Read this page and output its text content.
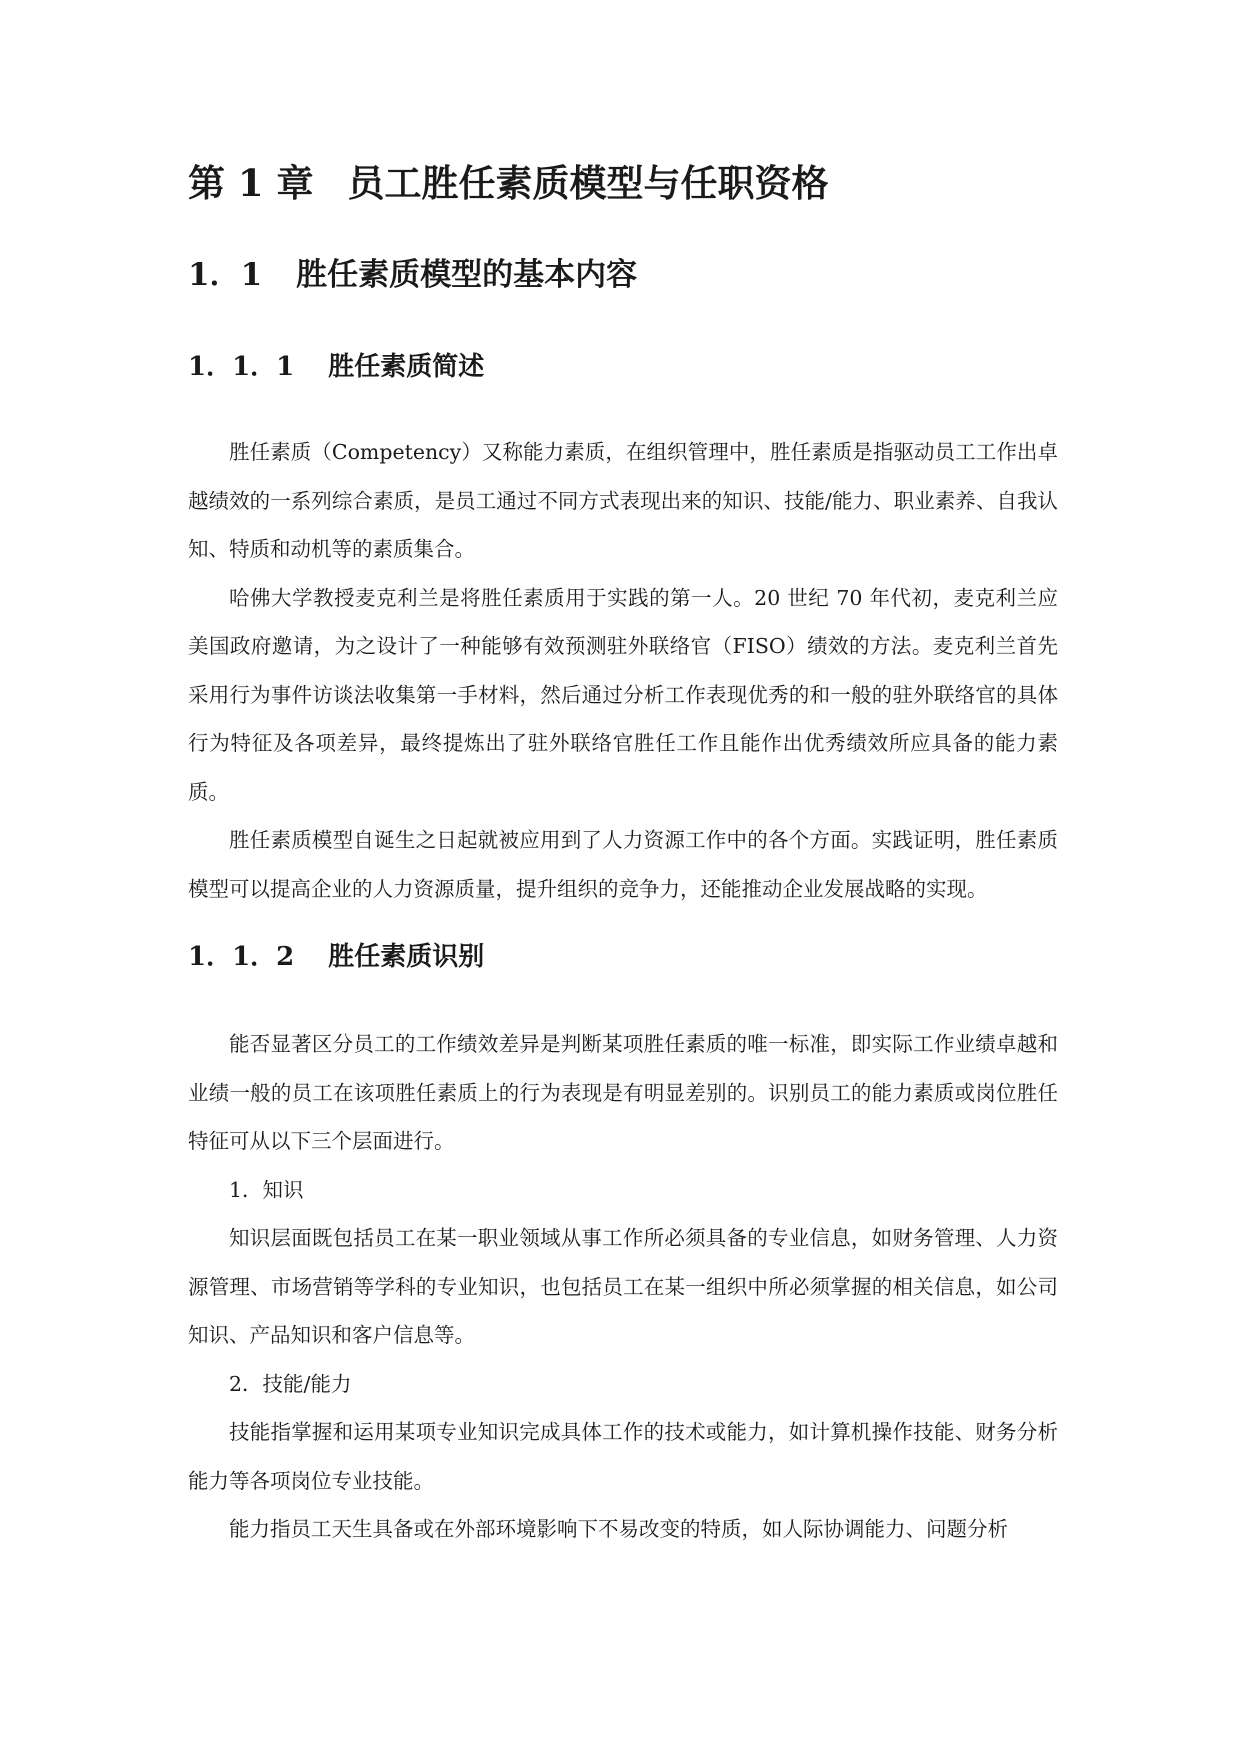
第 1 章 员工胜任素质模型与任职资格
1．1 胜任素质模型的基本内容
1．1．1 胜任素质简述

胜任素质（Competency）又称能力素质，在组织管理中，胜任素质是指驱动员工工作出卓越绩效的一系列综合素质，是员工通过不同方式表现出来的知识、技能/能力、职业素养、自我认知、特质和动机等的素质集合。

哈佛大学教授麦克利兰是将胜任素质用于实践的第一人。20 世纪 70 年代初，麦克利兰应美国政府邀请，为之设计了一种能够有效预测驻外联络官（FISO）绩效的方法。麦克利兰首先采用行为事件访谈法收集第一手材料，然后通过分析工作表现优秀的和一般的驻外联络官的具体行为特征及各项差异，最终提炼出了驻外联络官胜任工作且能作出优秀绩效所应具备的能力素质。

胜任素质模型自诞生之日起就被应用到了人力资源工作中的各个方面。实践证明，胜任素质模型可以提高企业的人力资源质量，提升组织的竞争力，还能推动企业发展战略的实现。

1．1．2 胜任素质识别

能否显著区分员工的工作绩效差异是判断某项胜任素质的唯一标准，即实际工作业绩卓越和业绩一般的员工在该项胜任素质上的行为表现是有明显差别的。识别员工的能力素质或岗位胜任特征可从以下三个层面进行。

1．知识

知识层面既包括员工在某一职业领域从事工作所必须具备的专业信息，如财务管理、人力资源管理、市场营销等学科的专业知识，也包括员工在某一组织中所必须掌握的相关信息，如公司知识、产品知识和客户信息等。

2．技能/能力

技能指掌握和运用某项专业知识完成具体工作的技术或能力，如计算机操作技能、财务分析能力等各项岗位专业技能。

能力指员工天生具备或在外部环境影响下不易改变的特质，如人际协调能力、问题分析
